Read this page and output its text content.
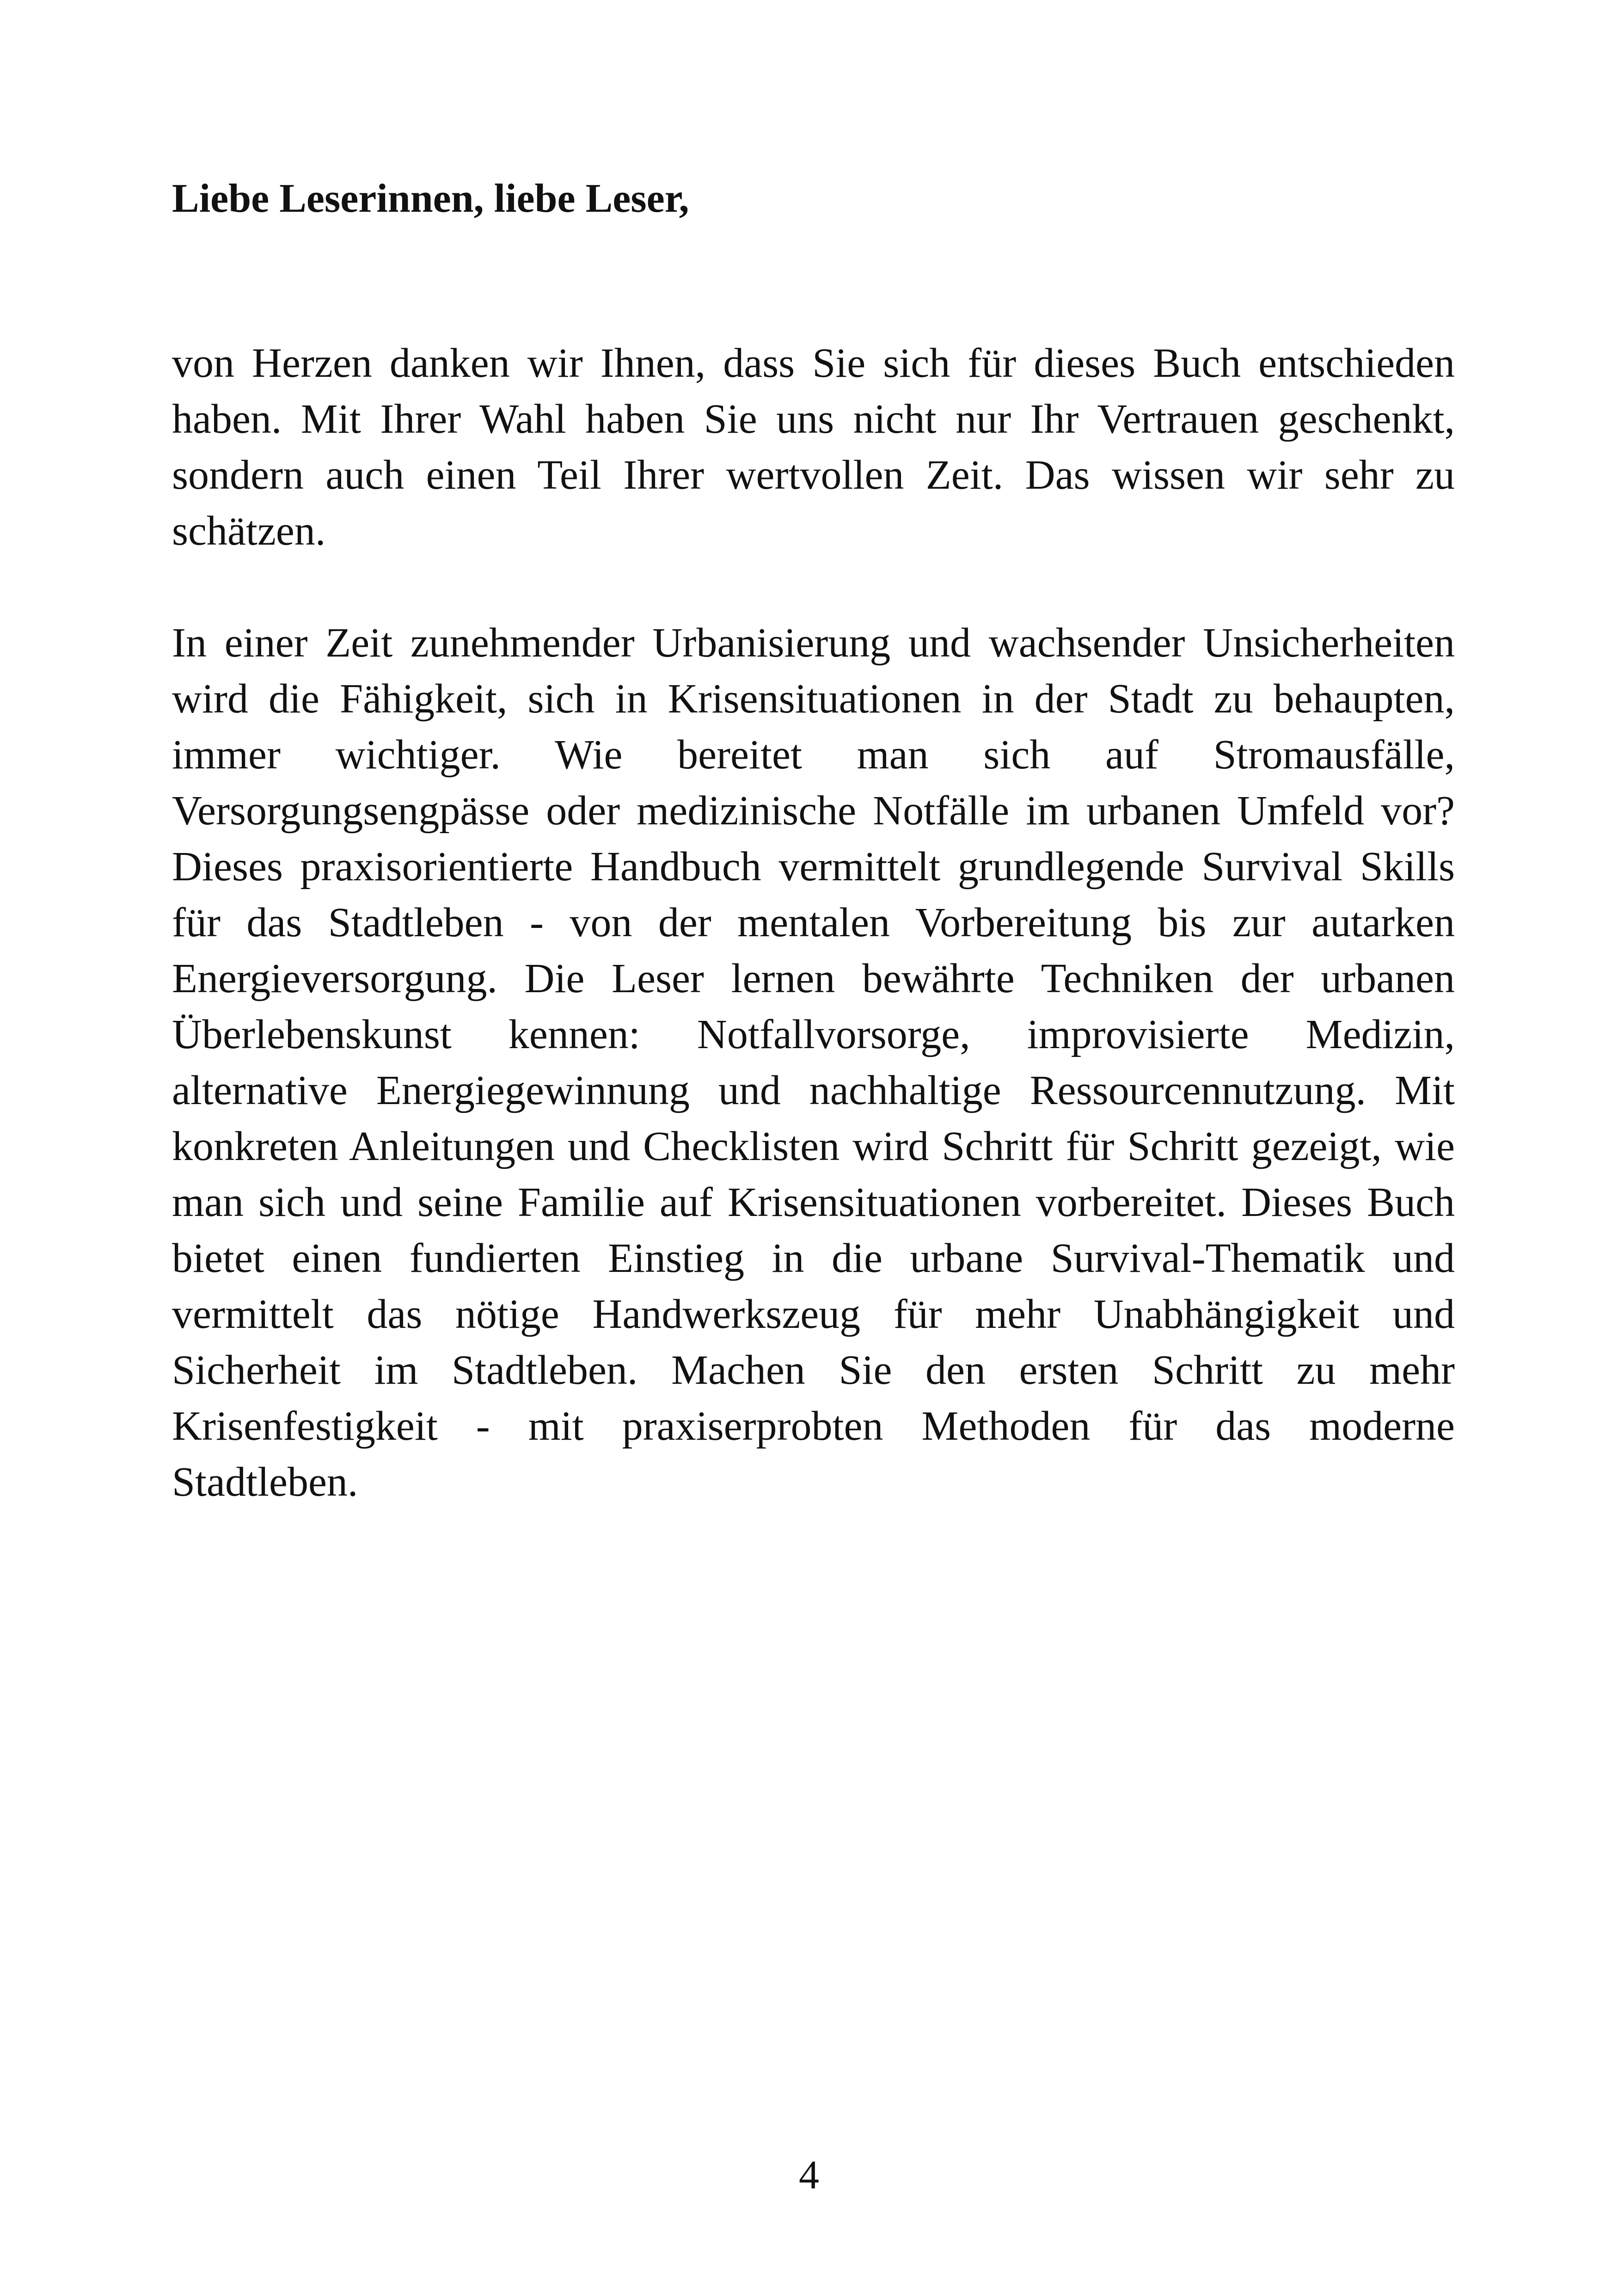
Liebe Leserinnen, liebe Leser,

von Herzen danken wir Ihnen, dass Sie sich für dieses Buch entschieden haben. Mit Ihrer Wahl haben Sie uns nicht nur Ihr Vertrauen geschenkt, sondern auch einen Teil Ihrer wertvollen Zeit. Das wissen wir sehr zu schätzen.

In einer Zeit zunehmender Urbanisierung und wachsender Unsicherheiten wird die Fähigkeit, sich in Krisensituationen in der Stadt zu behaupten, immer wichtiger. Wie bereitet man sich auf Stromausfälle, Versorgungsengpässe oder medizinische Notfälle im urbanen Umfeld vor? Dieses praxisorientierte Handbuch vermittelt grundlegende Survival Skills für das Stadtleben - von der mentalen Vorbereitung bis zur autarken Energieversorgung. Die Leser lernen bewährte Techniken der urbanen Überlebenskunst kennen: Notfallvorsorge, improvisierte Medizin, alternative Energiegewinnung und nachhaltige Ressourcennutzung. Mit konkreten Anleitungen und Checklisten wird Schritt für Schritt gezeigt, wie man sich und seine Familie auf Krisensituationen vorbereitet. Dieses Buch bietet einen fundierten Einstieg in die urbane Survival-Thematik und vermittelt das nötige Handwerkszeug für mehr Unabhängigkeit und Sicherheit im Stadtleben. Machen Sie den ersten Schritt zu mehr Krisenfestigkeit - mit praxiserprobten Methoden für das moderne Stadtleben.

4
